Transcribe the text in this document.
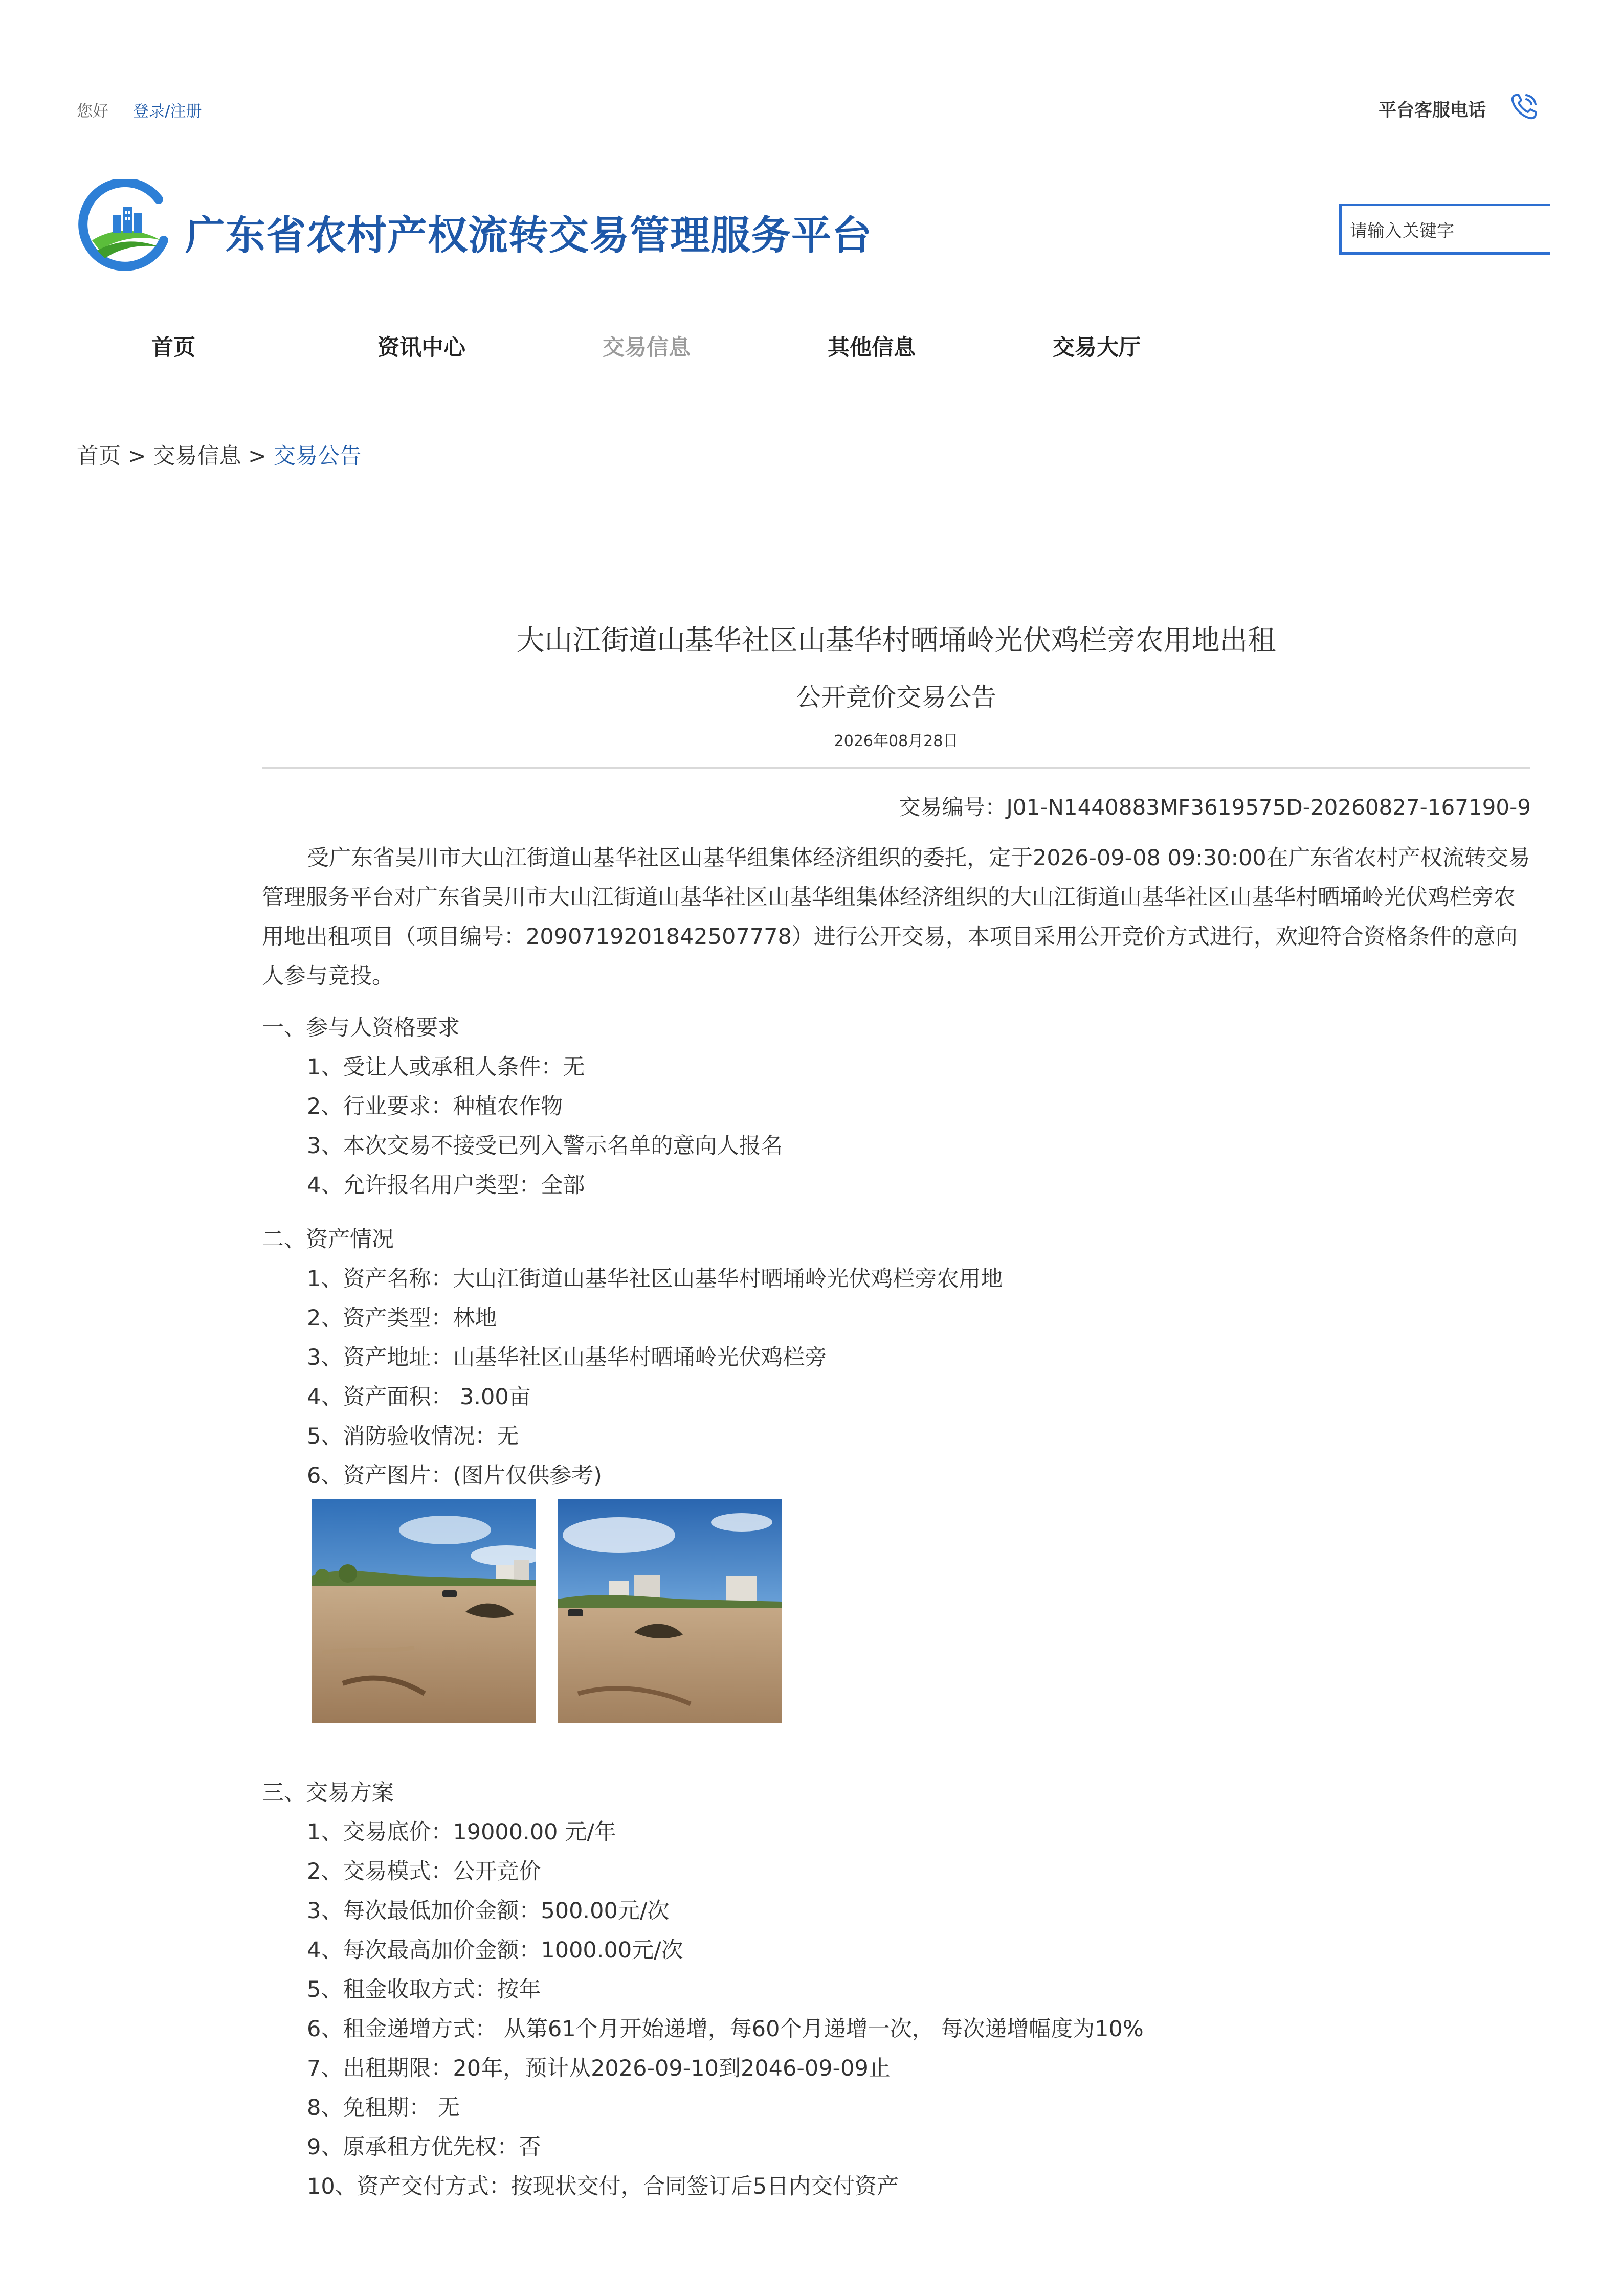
您好 登录/注册	平台客服电话
广东省农村产权流转交易管理服务平台	请输入关键字
首页	资讯中心	交易信息	其他信息	交易大厅
首页 > 交易信息 > 交易公告
大山江街道山基华社区山基华村晒埇岭光伏鸡栏旁农用地出租
公开竞价交易公告
2026年08月28日
交易编号：J01-N1440883MF3619575D-20260827-167190-9

受广东省吴川市大山江街道山基华社区山基华组集体经济组织的委托，定于2026-09-08 09:30:00在广东省农村产权流转交易管理服务平台对广东省吴川市大山江街道山基华社区山基华组集体经济组织的大山江街道山基华社区山基华村晒埇岭光伏鸡栏旁农用地出租项目（项目编号：2090719201842507778）进行公开交易，本项目采用公开竞价方式进行，欢迎符合资格条件的意向人参与竞投。

一、参与人资格要求
1、受让人或承租人条件：无
2、行业要求：种植农作物
3、本次交易不接受已列入警示名单的意向人报名
4、允许报名用户类型：全部
二、资产情况
1、资产名称：大山江街道山基华社区山基华村晒埇岭光伏鸡栏旁农用地
2、资产类型：林地
3、资产地址：山基华社区山基华村晒埇岭光伏鸡栏旁
4、资产面积： 3.00亩
5、消防验收情况：无
6、资产图片：(图片仅供参考)
三、交易方案
1、交易底价：19000.00 元/年
2、交易模式：公开竞价
3、每次最低加价金额：500.00元/次
4、每次最高加价金额：1000.00元/次
5、租金收取方式：按年
6、租金递增方式： 从第61个月开始递增，每60个月递增一次， 每次递增幅度为10%
7、出租期限：20年，预计从2026-09-10到2046-09-09止
8、免租期： 无
9、原承租方优先权：否
10、资产交付方式：按现状交付，合同签订后5日内交付资产
